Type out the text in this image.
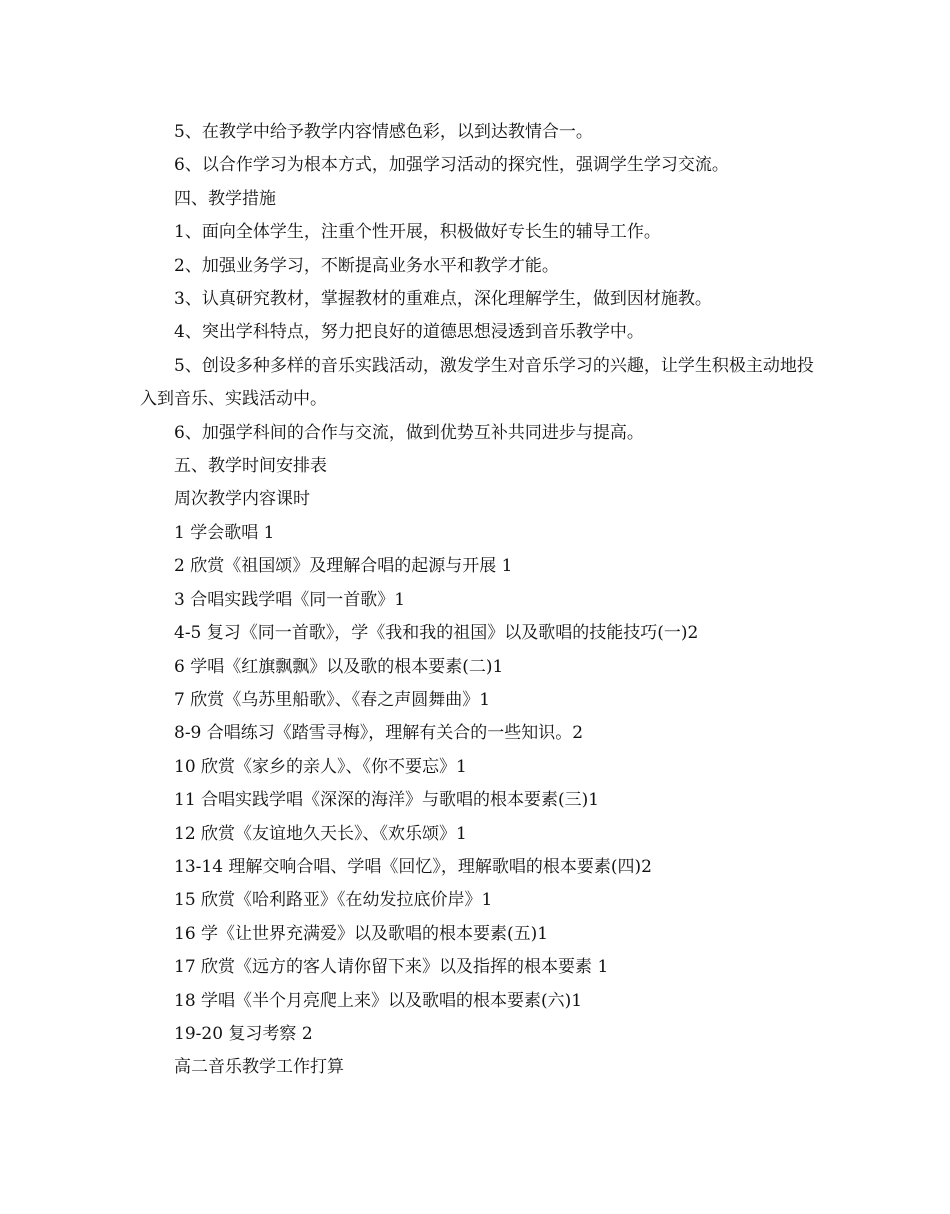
5、在教学中给予教学内容情感色彩，以到达教情合一。

6、以合作学习为根本方式，加强学习活动的探究性，强调学生学习交流。

四、教学措施

1、面向全体学生，注重个性开展，积极做好专长生的辅导工作。

2、加强业务学习，不断提高业务水平和教学才能。

3、认真研究教材，掌握教材的重难点，深化理解学生，做到因材施教。

4、突出学科特点，努力把良好的道德思想浸透到音乐教学中。

5、创设多种多样的音乐实践活动，激发学生对音乐学习的兴趣，让学生积极主动地投入到音乐、实践活动中。

6、加强学科间的合作与交流，做到优势互补共同进步与提高。

五、教学时间安排表

周次教学内容课时

1 学会歌唱 1

2 欣赏《祖国颂》及理解合唱的起源与开展 1

3 合唱实践学唱《同一首歌》1

4-5 复习《同一首歌》，学《我和我的祖国》以及歌唱的技能技巧(一)2

6 学唱《红旗飘飘》以及歌的根本要素(二)1

7 欣赏《乌苏里船歌》、《春之声圆舞曲》1

8-9 合唱练习《踏雪寻梅》，理解有关合的一些知识。2

10 欣赏《家乡的亲人》、《你不要忘》1

11 合唱实践学唱《深深的海洋》与歌唱的根本要素(三)1

12 欣赏《友谊地久天长》、《欢乐颂》1

13-14 理解交响合唱、学唱《回忆》，理解歌唱的根本要素(四)2

15 欣赏《哈利路亚》《在幼发拉底价岸》1

16 学《让世界充满爱》以及歌唱的根本要素(五)1

17 欣赏《远方的客人请你留下来》以及指挥的根本要素 1

18 学唱《半个月亮爬上来》以及歌唱的根本要素(六)1

19-20 复习考察 2

高二音乐教学工作打算
